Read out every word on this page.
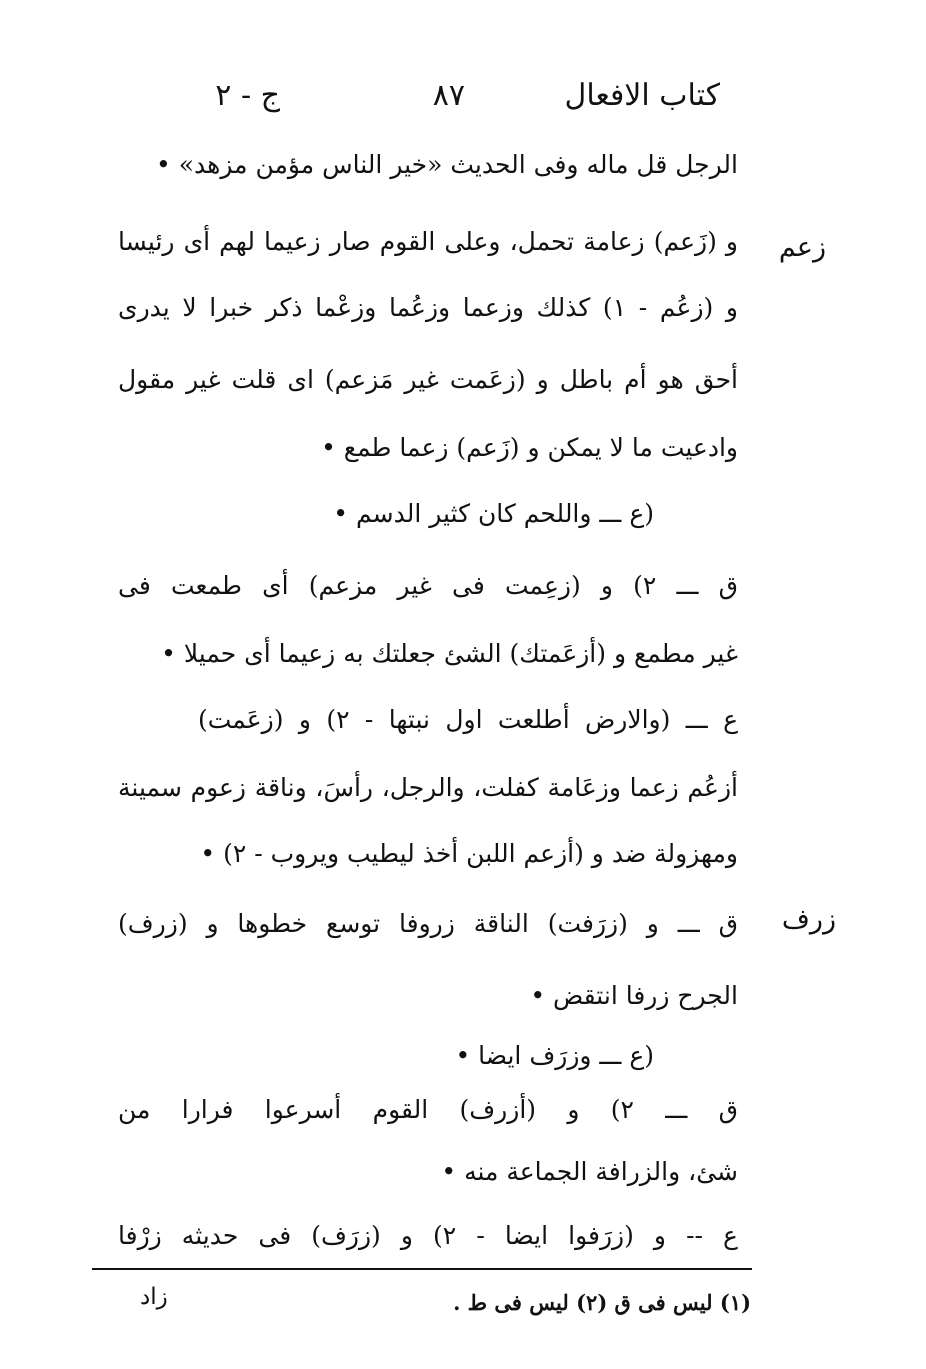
كتاب الافعال
٨٧
ج - ٢
زعم
زرف
الرجل قل ماله وفى الحديث «خير الناس مؤمن مزهد» •
و (زَعم) زعامة تحمل، وعلى القوم صار زعيما لهم أى رئيسا
و (زعُم - ١) كذلك وزعما وزعُما وزعْما ذكر خبرا لا يدرى
أحق هو أم باطل و (زعَمت غير مَزعم) اى قلت غير مقول
وادعيت ما لا يمكن و (زَعم) زعما طمع •
(ع ـــ واللحم كان كثير الدسم •
ق ـــ ٢) و (زعِمت فى غير مزعم) أى طمعت فى
غير مطمع و (أزعَمتك) الشئ جعلتك به زعيما أى حميلا •
ع ـــ (والارض أطلعت اول نبتها - ٢) و (زعَمت)
أزعُم زعما وزعَامة كفلت، والرجل، رأسَ، وناقة زعوم سمينة
ومهزولة ضد و (أزعم اللبن أخذ ليطيب ويروب - ٢) •
ق ـــ و (زرَفت) الناقة زروفا توسع خطوها و (زرف)
الجرح زرفا انتقض •
(ع ـــ وزرَف ايضا •
ق ـــ ٢) و (أزرف) القوم أسرعوا فرارا من
شئ، والزرافة الجماعة منه •
ع -- و (زرَفوا ايضا - ٢) و (زرَف) فى حديثه زرْفا
(١) ليس فى ق (٢) ليس فى ط .
زاد
